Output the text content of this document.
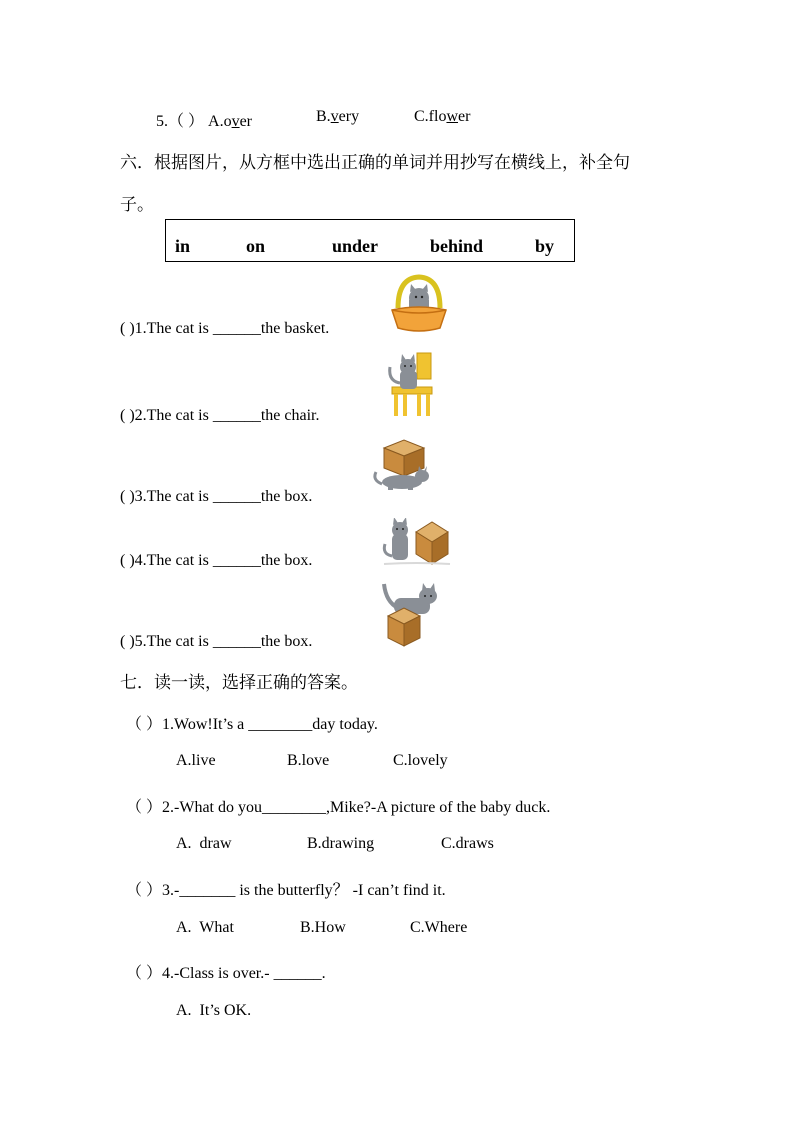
5.（ ） A.over	B.very	C.flower
六．根据图片，从方框中选出正确的单词并用抄写在横线上，补全句
子。
in	on	under	behind	by
( )1.The cat is ______the basket.
( )2.The cat is ______the chair.
( )3.The cat is ______the box.
( )4.The cat is ______the box.
( )5.The cat is ______the box.
七．读一读，选择正确的答案。
（ ）1.Wow!It’s a ________day today.
A.live	B.love	C.lovely
（ ）2.-What do you________,Mike?-A picture of the baby duck.
A.  draw	B.drawing	C.draws
（ ）3.-_______ is the butterfly？ -I can’t find it.
A.  What	B.How	C.Where
（ ）4.-Class is over.- ______.
A.  It’s OK.
